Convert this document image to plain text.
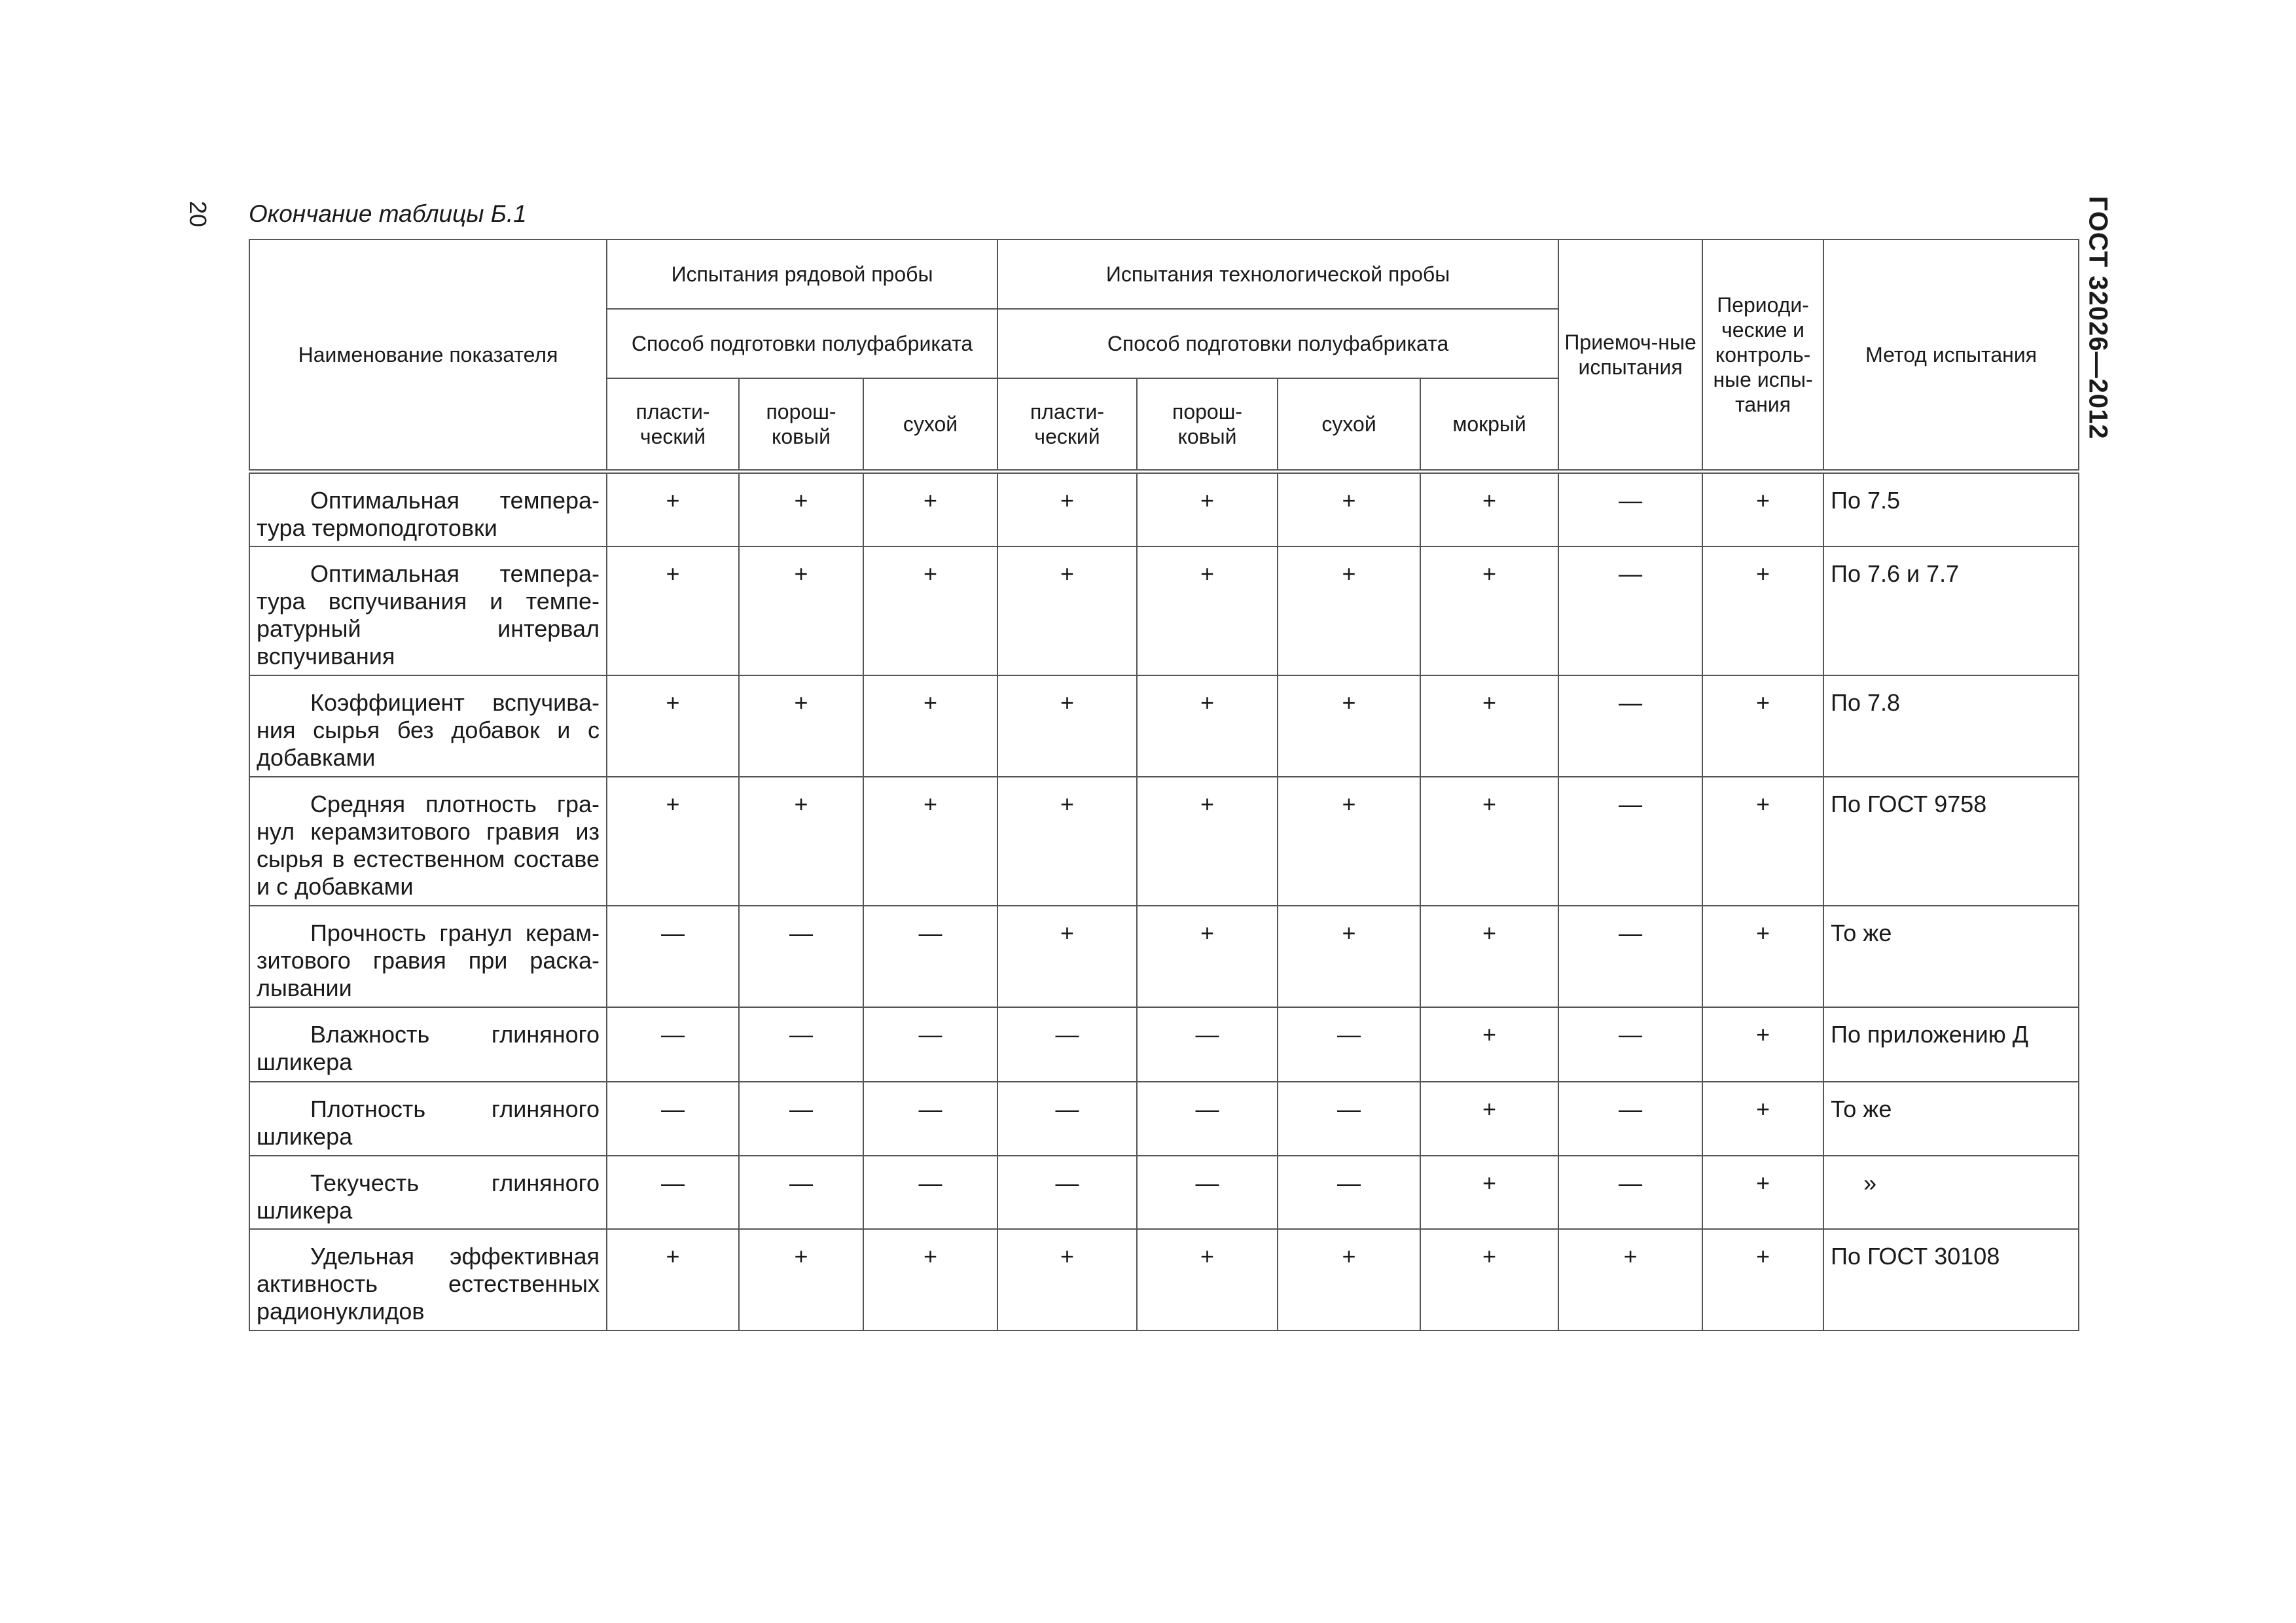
20	ГОСТ 32026—2012
Окончание таблицы Б.1
Наименование показателя	Испытания рядовой пробы			Испытания технологической пробы				Приемоч-ные испытания	Периоди-ческие и контроль-ные испы-тания	Метод испытания
	Способ подготовки полуфабриката			Способ подготовки полуфабриката						
	пласти-ческий	порош-ковый	сухой	пласти-ческий	порош-ковый	сухой	мокрый			
Оптимальная темпера-тура термоподготовки	+	+	+	+	+	+	+	—	+	По 7.5
Оптимальная темпера-тура вспучивания и темпе-ратурный интервал вспучивания	+	+	+	+	+	+	+	—	+	По 7.6 и 7.7
Коэффициент вспучива-ния сырья без добавок и с добавками	+	+	+	+	+	+	+	—	+	По 7.8
Средняя плотность гра-нул керамзитового гравия из сырья в естественном составе и с добавками	+	+	+	+	+	+	+	—	+	По ГОСТ 9758
Прочность гранул керам-зитового гравия при раска-лывании	—	—	—	+	+	+	+	—	+	То же
Влажность глиняного шликера	—	—	—	—	—	—	+	—	+	По приложению Д
Плотность глиняного шликера	—	—	—	—	—	—	+	—	+	То же
Текучесть глиняного шликера	—	—	—	—	—	—	+	—	+	»
Удельная эффективная активность естественных радионуклидов	+	+	+	+	+	+	+	+	+	По ГОСТ 30108
